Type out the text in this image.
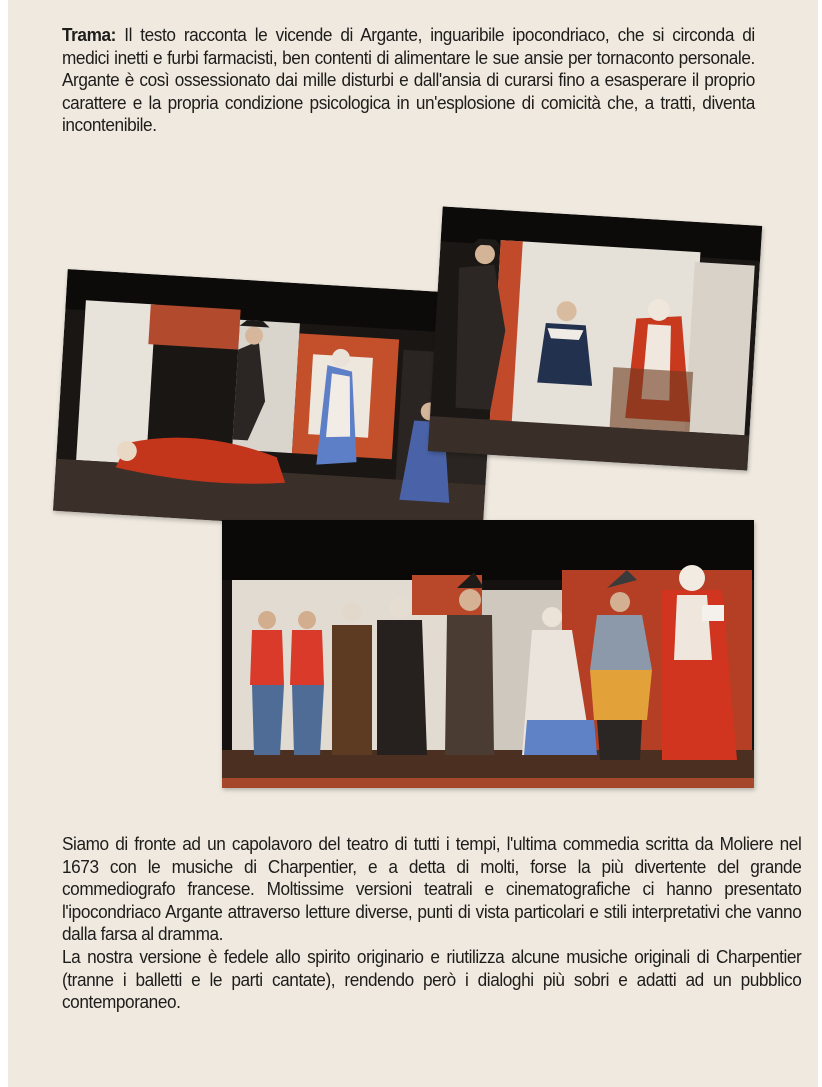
Trama: Il testo racconta le vicende di Argante, inguaribile ipocondriaco, che si circonda di medici inetti e furbi farmacisti, ben contenti di alimentare le sue ansie per tornaconto personale. Argante è così ossessionato dai mille disturbi e dall'ansia di curarsi fino a esasperare il proprio carattere e la propria condizione psicologica in un'esplosione di comicità che, a tratti, diventa incontenibile.
Siamo di fronte ad un capolavoro del teatro di tutti i tempi, l'ultima commedia scritta da Moliere nel 1673 con le musiche di Charpentier, e a detta di molti, forse la più divertente del grande commediografo francese. Moltissime versioni teatrali e cinematografiche ci hanno presentato l'ipocondriaco Argante attraverso letture diverse, punti di vista particolari e stili interpretativi che vanno dalla farsa al dramma.
La nostra versione è fedele allo spirito originario e riutilizza alcune musiche originali di Charpentier (tranne i balletti e le parti cantate), rendendo però i dialoghi più sobri e adatti ad un pubblico contemporaneo.
